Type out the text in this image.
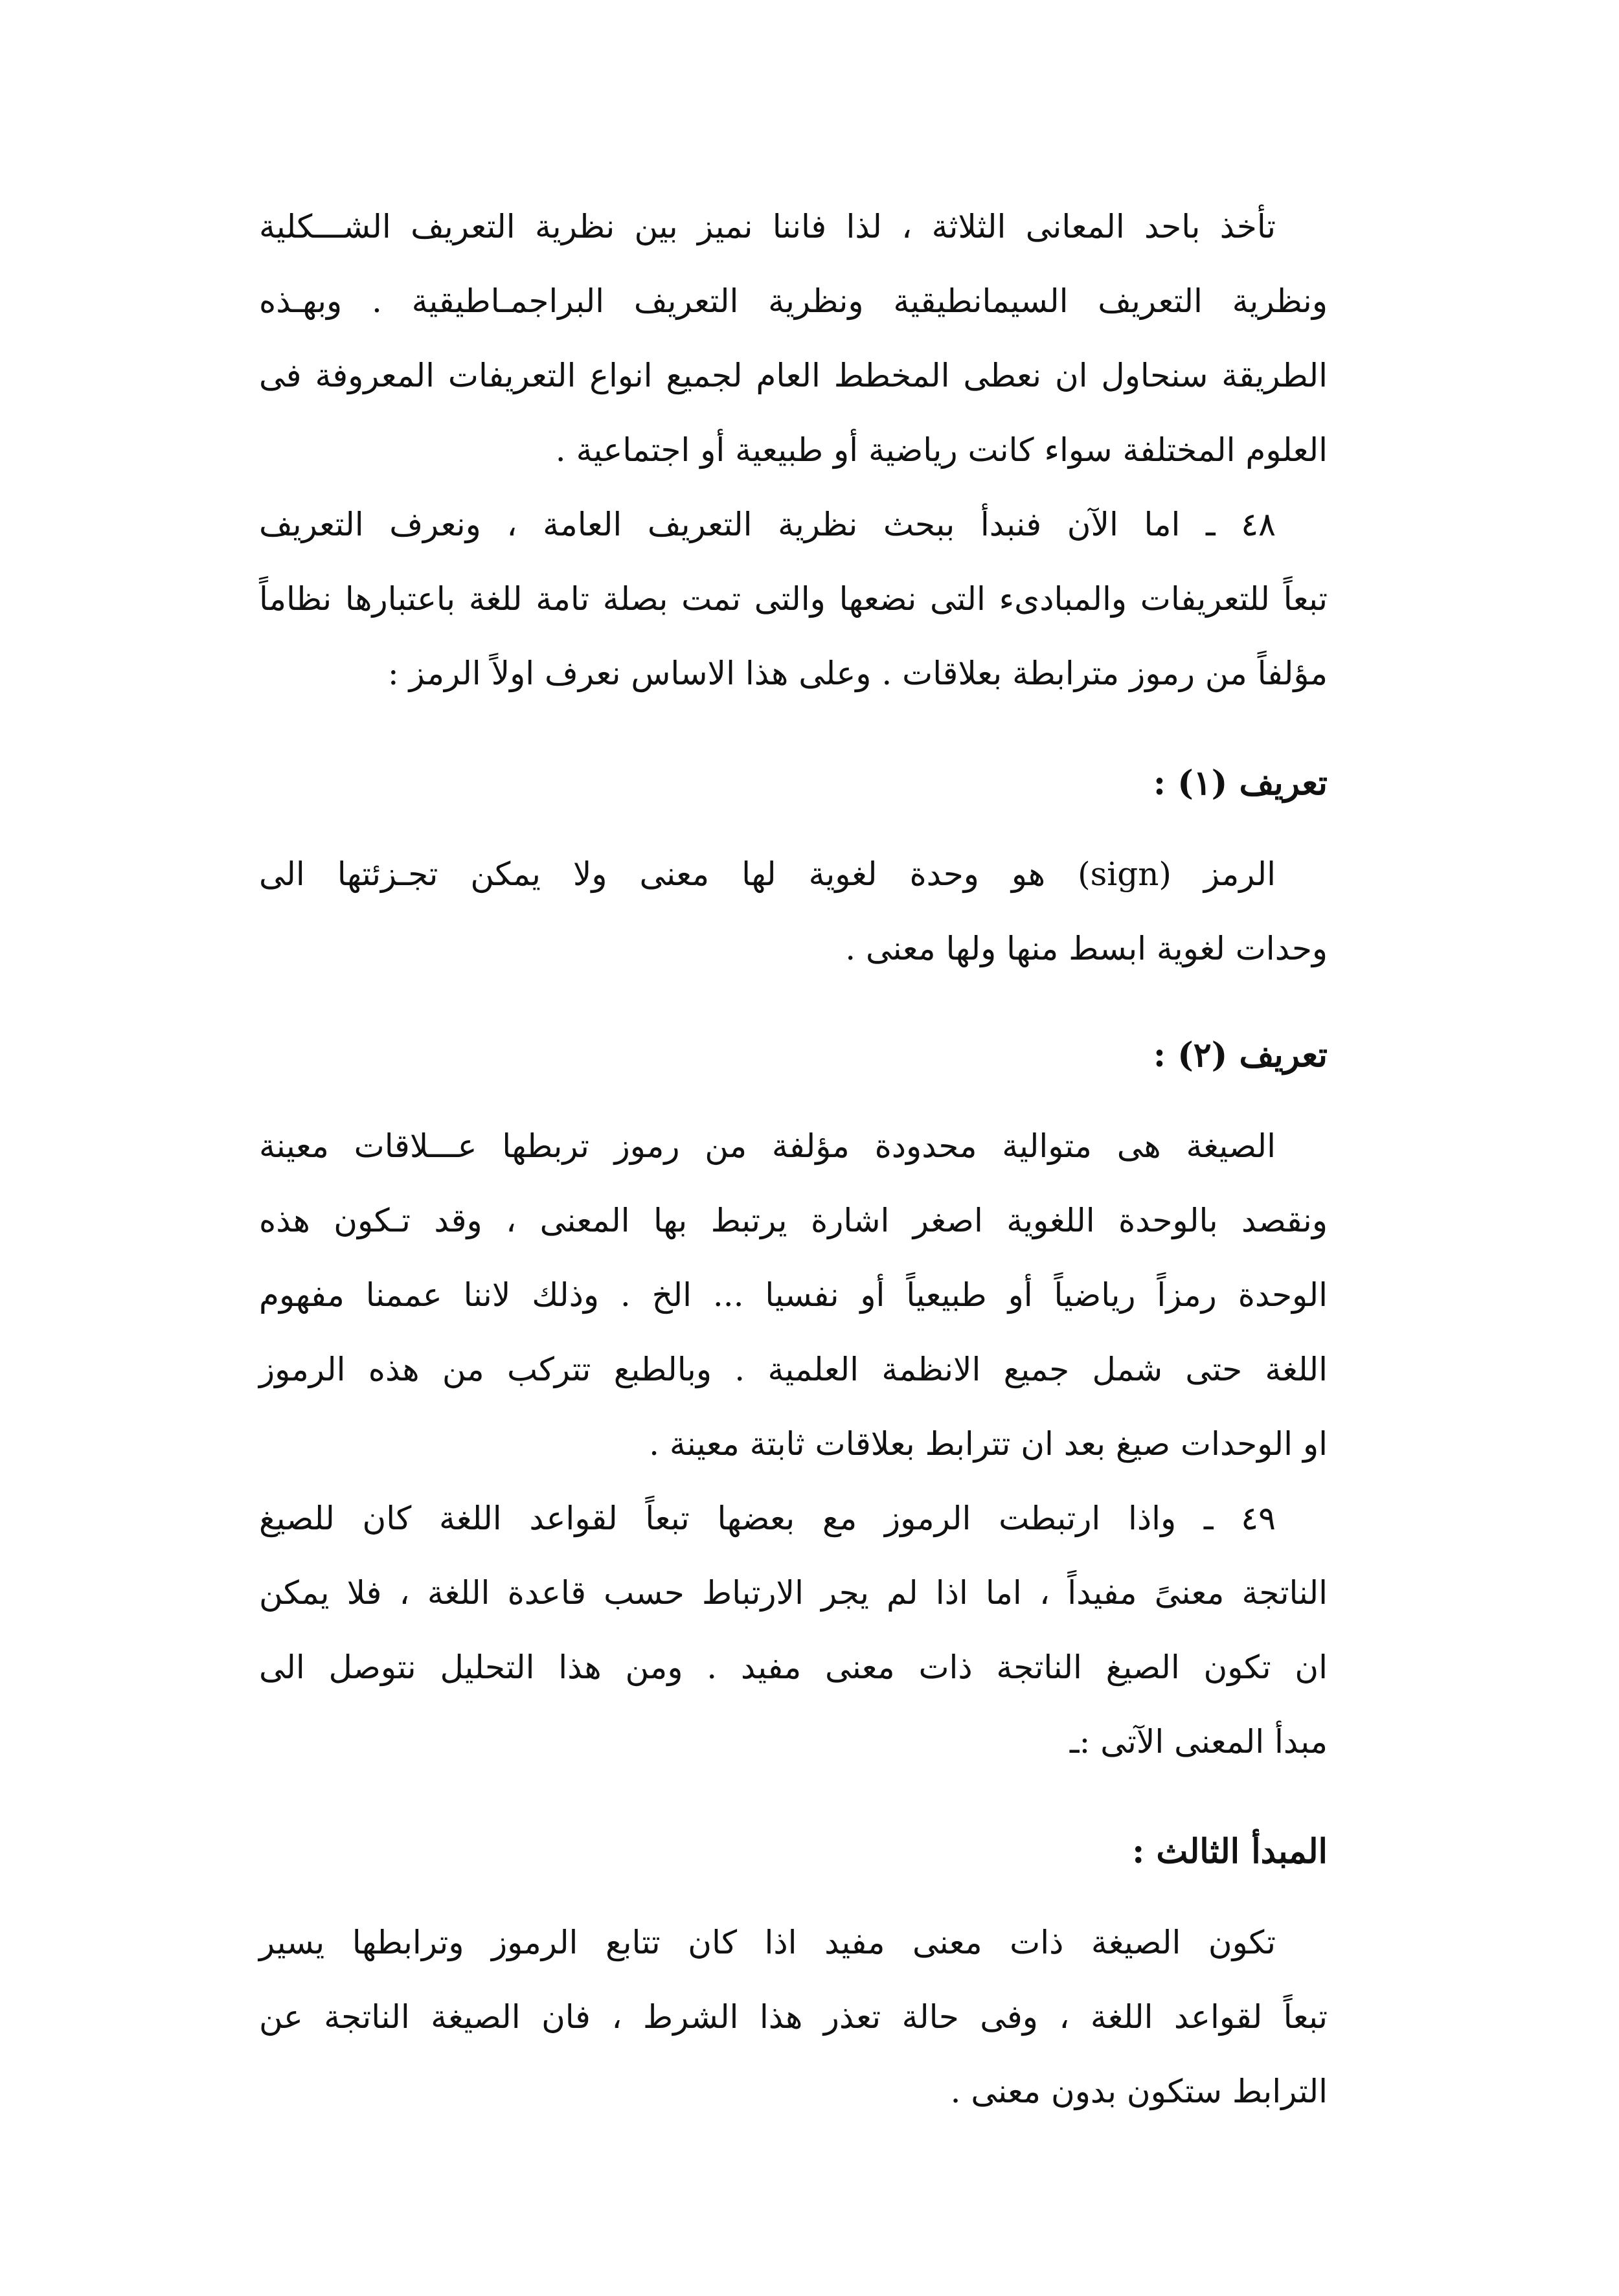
تأخذ باحد المعانى الثلاثة ، لذا فاننا نميز بين نظرية التعريف الشـــكلية
ونظرية التعريف السيمانطيقية ونظرية التعريف البراجمـاطيقية . وبهـذه
الطريقة سنحاول ان نعطى المخطط العام لجميع انواع التعريفات المعروفة فى
العلوم المختلفة سواء كانت رياضية أو طبيعية أو اجتماعية .
٤٨ ـ اما الآن فنبدأ ببحث نظرية التعريف العامة ، ونعرف التعريف
تبعاً للتعريفات والمبادىء التى نضعها والتى تمت بصلة تامة للغة باعتبارها نظاماً
مؤلفاً من رموز مترابطة بعلاقات . وعلى هذا الاساس نعرف اولاً الرمز :
تعريف (١) :
الرمز (sign) هو وحدة لغوية لها معنى ولا يمكن تجـزئتها الى
وحدات لغوية ابسط منها ولها معنى .
تعريف (٢) :
الصيغة هى متوالية محدودة مؤلفة من رموز تربطها عـــلاقات معينة
ونقصد بالوحدة اللغوية اصغر اشارة يرتبط بها المعنى ، وقد تـكون هذه
الوحدة رمزاً رياضياً أو طبيعياً أو نفسيا ... الخ . وذلك لاننا عممنا مفهوم
اللغة حتى شمل جميع الانظمة العلمية . وبالطبع تتركب من هذه الرموز
او الوحدات صيغ بعد ان تترابط بعلاقات ثابتة معينة .
٤٩ ـ واذا ارتبطت الرموز مع بعضها تبعاً لقواعد اللغة كان للصيغ
الناتجة معنىً مفيداً ، اما اذا لم يجر الارتباط حسب قاعدة اللغة ، فلا يمكن
ان تكون الصيغ الناتجة ذات معنى مفيد . ومن هذا التحليل نتوصل الى
مبدأ المعنى الآتى :ـ
المبدأ الثالث :
تكون الصيغة ذات معنى مفيد اذا كان تتابع الرموز وترابطها يسير
تبعاً لقواعد اللغة ، وفى حالة تعذر هذا الشرط ، فان الصيغة الناتجة عن
الترابط ستكون بدون معنى .
